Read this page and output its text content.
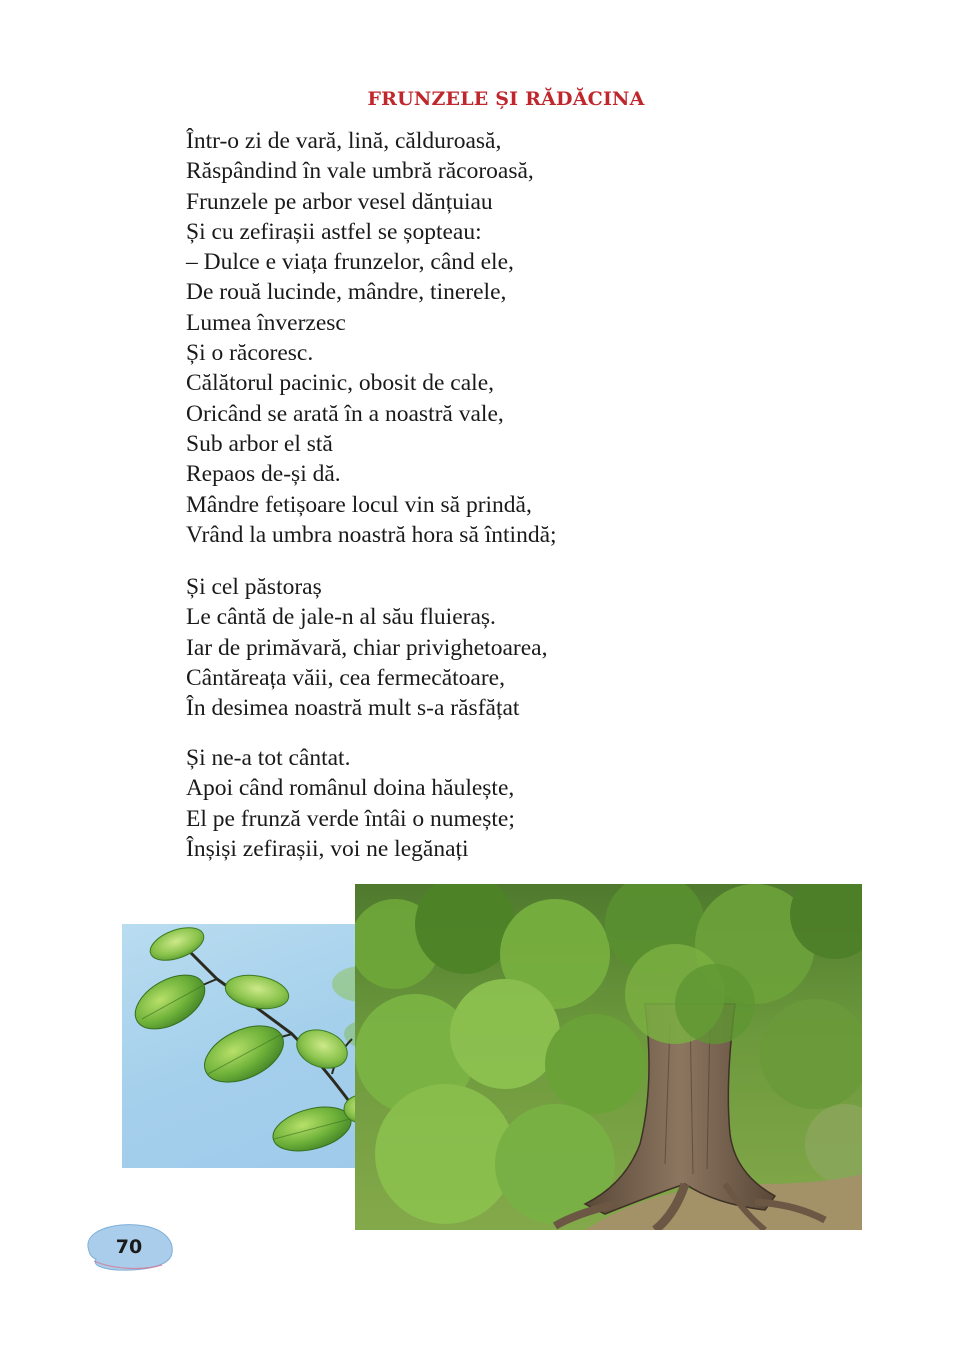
FRUNZELE ȘI RĂDĂCINA
Într-o zi de vară, lină, călduroasă,
Răspândind în vale umbră răcoroasă,
Frunzele pe arbor vesel dănțuiau
Și cu zefirașii astfel se șopteau:
– Dulce e viața frunzelor, când ele,
De rouă lucinde, mândre, tinerele,
Lumea înverzesc
Și o răcoresc.
Călătorul pacinic, obosit de cale,
Oricând se arată în a noastră vale,
Sub arbor el stă
Repaos de-și dă.
Mândre fetișoare locul vin să prindă,
Vrând la umbra noastră hora să întindă;
Și cel păstoraș
Le cântă de jale-n al său fluieraș.
Iar de primăvară, chiar privighetoarea,
Cântăreața văii, cea fermecătoare,
În desimea noastră mult s-a răsfățat
Și ne-a tot cântat.
Apoi când românul doina hăulește,
El pe frunză verde întâi o numește;
Înșiși zefirașii, voi ne legănați
70
